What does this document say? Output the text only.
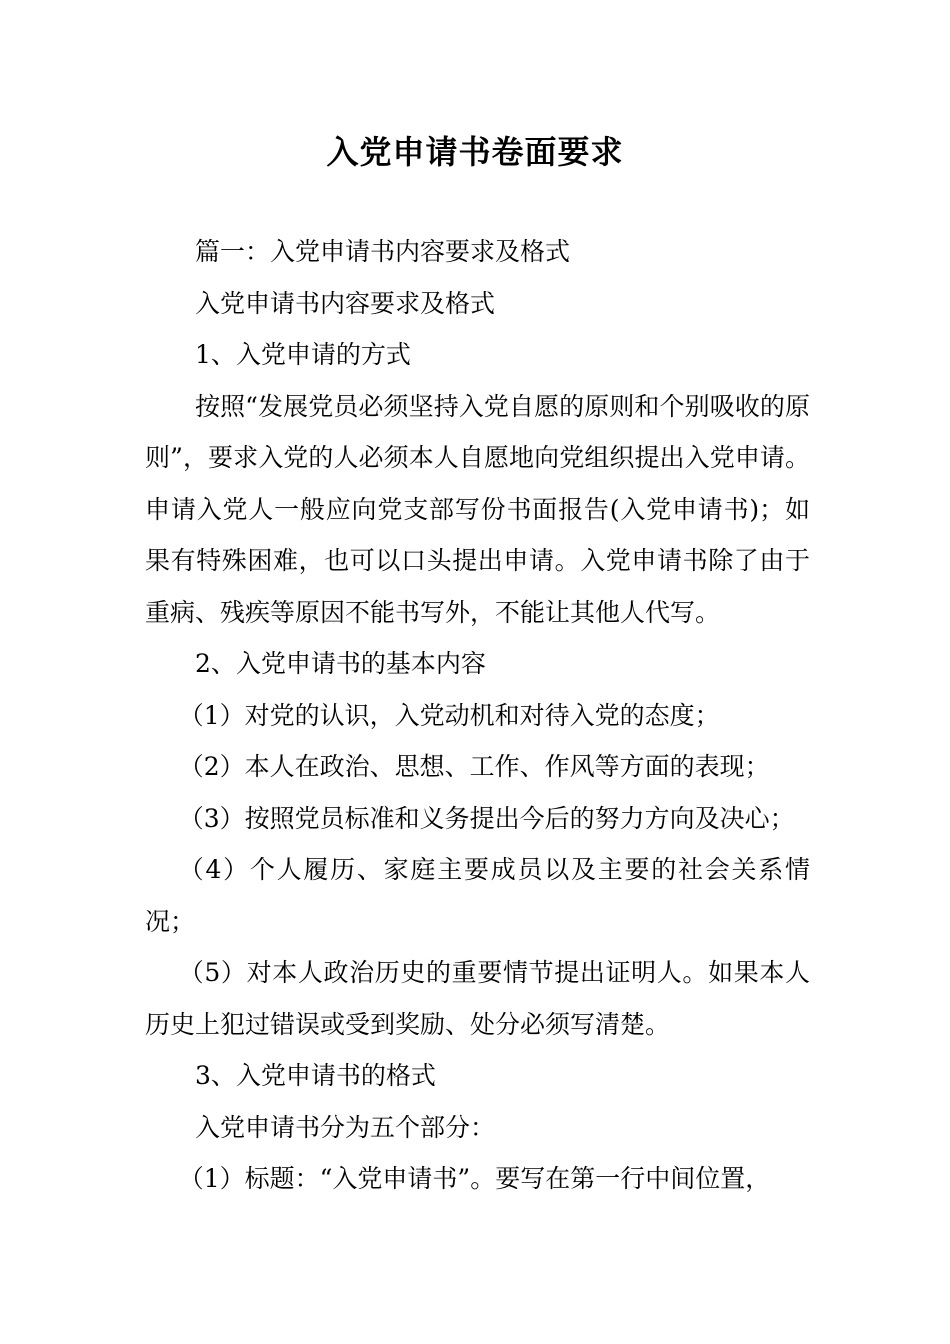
入党申请书卷面要求

篇一：入党申请书内容要求及格式

入党申请书内容要求及格式

1、入党申请的方式

按照“发展党员必须坚持入党自愿的原则和个别吸收的原则”，要求入党的人必须本人自愿地向党组织提出入党申请。申请入党人一般应向党支部写份书面报告(入党申请书)；如果有特殊困难，也可以口头提出申请。入党申请书除了由于重病、残疾等原因不能书写外，不能让其他人代写。

2、入党申请书的基本内容

（1）对党的认识，入党动机和对待入党的态度；

（2）本人在政治、思想、工作、作风等方面的表现；

（3）按照党员标准和义务提出今后的努力方向及决心；

（4）个人履历、家庭主要成员以及主要的社会关系情况；

（5）对本人政治历史的重要情节提出证明人。如果本人历史上犯过错误或受到奖励、处分必须写清楚。

3、入党申请书的格式

入党申请书分为五个部分：

（1）标题：“入党申请书”。要写在第一行中间位置，
